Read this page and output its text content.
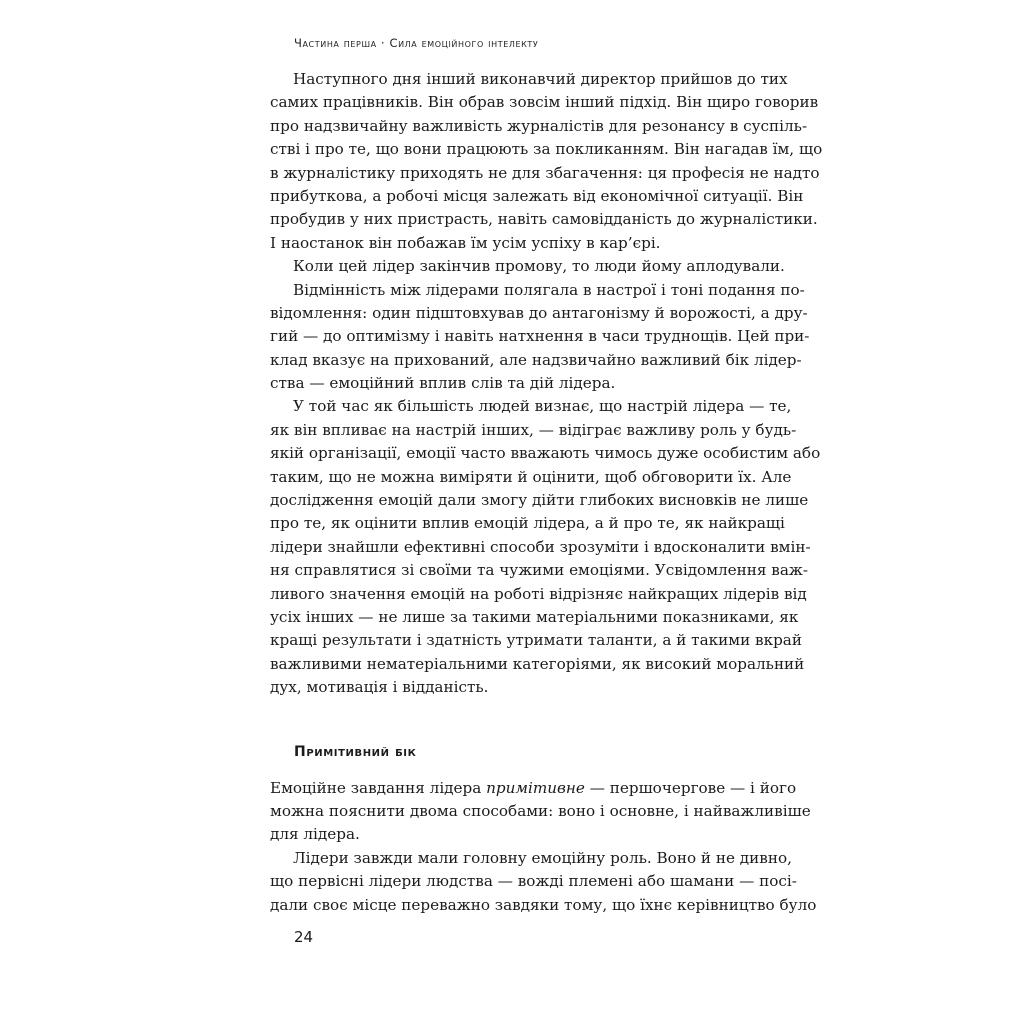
Частина перша · Сила емоційного інтелекту
Наступного дня інший виконавчий директор прийшов до тих
самих працівників. Він обрав зовсім інший підхід. Він щиро говорив
про надзвичайну важливість журналістів для резонансу в суспіль-
стві і про те, що вони працюють за покликанням. Він нагадав їм, що
в журналістику приходять не для збагачення: ця професія не надто
прибуткова, а робочі місця залежать від економічної ситуації. Він
пробудив у них пристрасть, навіть самовідданість до журналістики.
І наостанок він побажав їм усім успіху в кар’єрі.
Коли цей лідер закінчив промову, то люди йому аплодували.
Відмінність між лідерами полягала в настрої і тоні подання по-
відомлення: один підштовхував до антагонізму й ворожості, а дру-
гий — до оптимізму і навіть натхнення в часи труднощів. Цей при-
клад вказує на прихований, але надзвичайно важливий бік лідер-
ства — емоційний вплив слів та дій лідера.
У той час як більшість людей визнає, що настрій лідера — те,
як він впливає на настрій інших, — відіграє важливу роль у будь-
якій організації, емоції часто вважають чимось дуже особистим або
таким, що не можна виміряти й оцінити, щоб обговорити їх. Але
дослідження емоцій дали змогу дійти глибоких висновків не лише
про те, як оцінити вплив емоцій лідера, а й про те, як найкращі
лідери знайшли ефективні способи зрозуміти і вдосконалити вмін-
ня справлятися зі своїми та чужими емоціями. Усвідомлення важ-
ливого значення емоцій на роботі відрізняє найкращих лідерів від
усіх інших — не лише за такими матеріальними показниками, як
кращі результати і здатність утримати таланти, а й такими вкрай
важливими нематеріальними категоріями, як високий моральний
дух, мотивація і відданість.
Примітивний бік
Емоційне завдання лідера примітивне — першочергове — і його
можна пояснити двома способами: воно і основне, і найважливіше
для лідера.
Лідери завжди мали головну емоційну роль. Воно й не дивно,
що первісні лідери людства — вожді племені або шамани — посі-
дали своє місце переважно завдяки тому, що їхнє керівництво було
24
